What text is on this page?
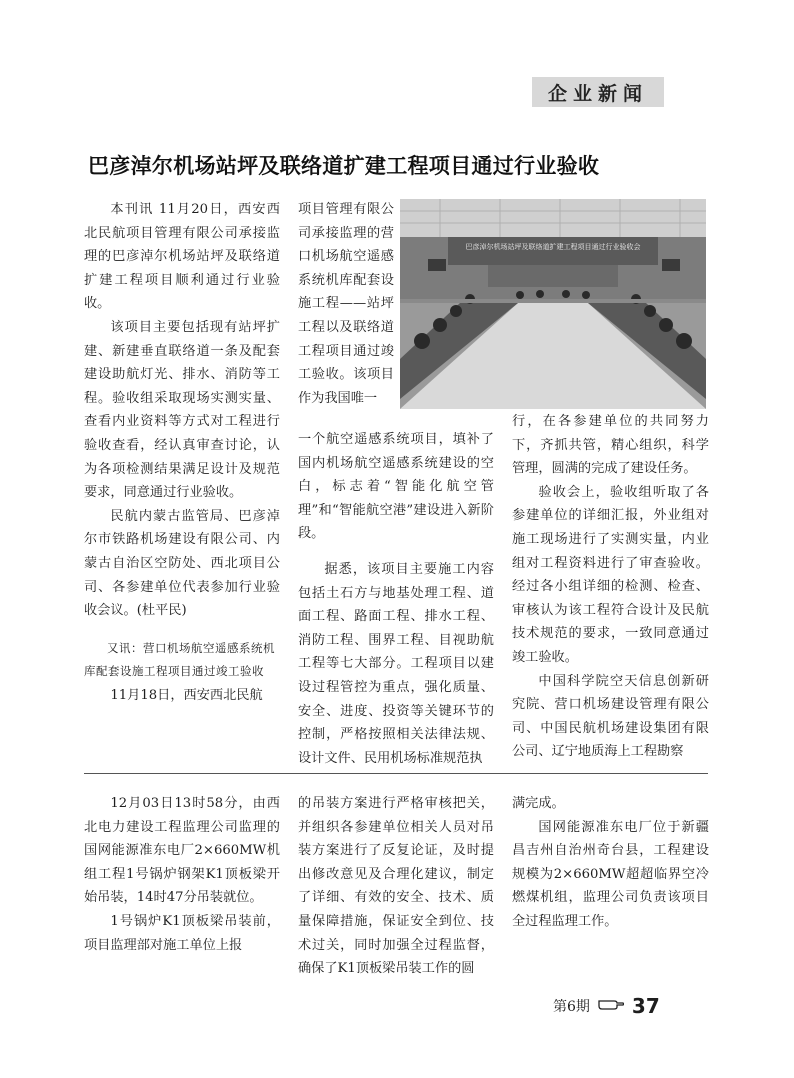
企业新闻
巴彦淖尔机场站坪及联络道扩建工程项目通过行业验收

本刊讯 11月20日，西安西北民航项目管理有限公司承接监理的巴彦淖尔机场站坪及联络道扩建工程项目顺利通过行业验收。

该项目主要包括现有站坪扩建、新建垂直联络道一条及配套建设助航灯光、排水、消防等工程。验收组采取现场实测实量、查看内业资料等方式对工程进行验收查看，经认真审查讨论，认为各项检测结果满足设计及规范要求，同意通过行业验收。

民航内蒙古监管局、巴彦淖尔市铁路机场建设有限公司、内蒙古自治区空防处、西北项目公司、各参建单位代表参加行业验收会议。(杜平民)

又讯：营口机场航空遥感系统机库配套设施工程项目通过竣工验收

11月18日，西安西北民航

项目管理有限公司承接监理的营口机场航空遥感系统机库配套设施工程——站坪工程以及联络道工程项目通过竣工验收。该项目作为我国唯一

巴彦淖尔机场站坪及联络道扩建工程项目通过行业验收会

一个航空遥感系统项目，填补了国内机场航空遥感系统建设的空白，标志着“智能化航空管理”和“智能航空港”建设进入新阶段。

据悉，该项目主要施工内容包括土石方与地基处理工程、道面工程、路面工程、排水工程、消防工程、围界工程、目视助航工程等七大部分。工程项目以建设过程管控为重点，强化质量、安全、进度、投资等关键环节的控制，严格按照相关法律法规、设计文件、民用机场标准规范执

行，在各参建单位的共同努力下，齐抓共管，精心组织，科学管理，圆满的完成了建设任务。

验收会上，验收组听取了各参建单位的详细汇报，外业组对施工现场进行了实测实量，内业组对工程资料进行了审查验收。经过各小组详细的检测、检查、审核认为该工程符合设计及民航技术规范的要求，一致同意通过竣工验收。

中国科学院空天信息创新研究院、营口机场建设管理有限公司、中国民航机场建设集团有限公司、辽宁地质海上工程勘察

12月03日13时58分，由西北电力建设工程监理公司监理的国网能源准东电厂2×660MW机组工程1号锅炉钢架K1顶板梁开始吊装，14时47分吊装就位。

1号锅炉K1顶板梁吊装前，项目监理部对施工单位上报

的吊装方案进行严格审核把关，并组织各参建单位相关人员对吊装方案进行了反复论证，及时提出修改意见及合理化建议，制定了详细、有效的安全、技术、质量保障措施，保证安全到位、技术过关，同时加强全过程监督，确保了K1顶板梁吊装工作的圆

满完成。

国网能源准东电厂位于新疆昌吉州自治州奇台县，工程建设规模为2×660MW超超临界空冷燃煤机组，监理公司负责该项目全过程监理工作。

第6期 37
